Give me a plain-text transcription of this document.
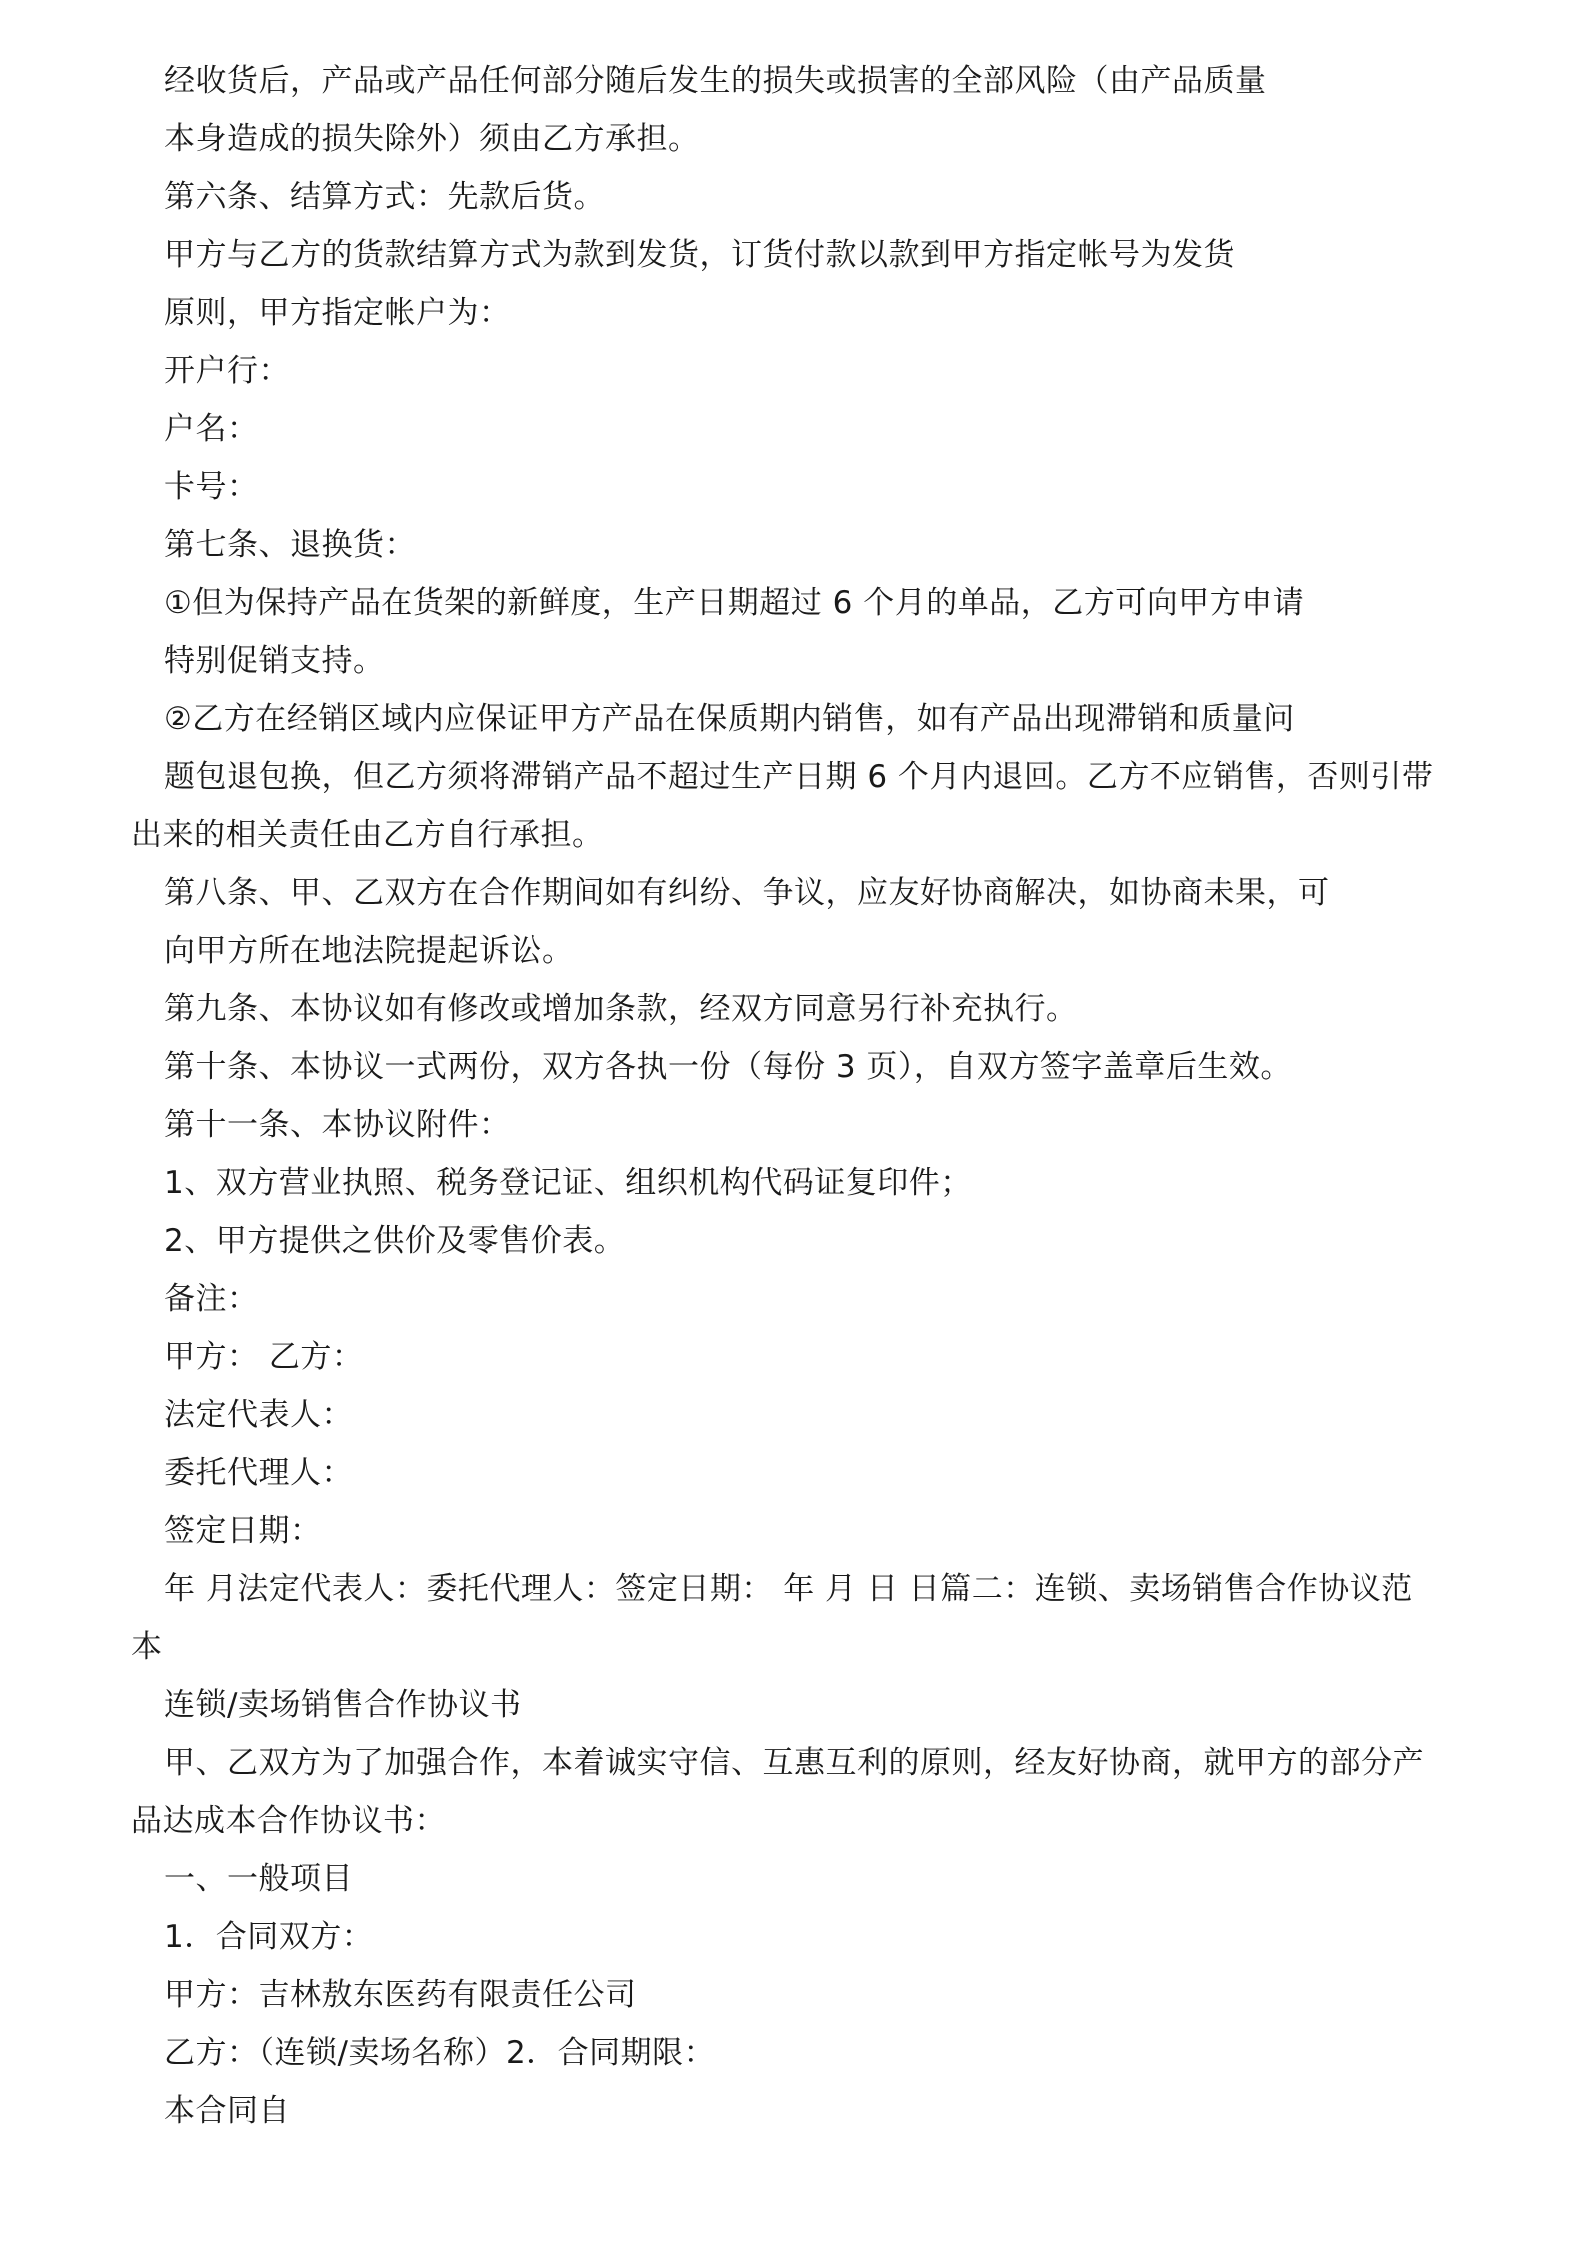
经收货后，产品或产品任何部分随后发生的损失或损害的全部风险（由产品质量
本身造成的损失除外）须由乙方承担。
第六条、结算方式：先款后货。
甲方与乙方的货款结算方式为款到发货，订货付款以款到甲方指定帐号为发货
原则，甲方指定帐户为：
开户行：
户名：
卡号：
第七条、退换货：
①但为保持产品在货架的新鲜度，生产日期超过 6 个月的单品，乙方可向甲方申请
特别促销支持。
②乙方在经销区域内应保证甲方产品在保质期内销售，如有产品出现滞销和质量问
题包退包换，但乙方须将滞销产品不超过生产日期 6 个月内退回。乙方不应销售，否则引带
出来的相关责任由乙方自行承担。
第八条、甲、乙双方在合作期间如有纠纷、争议，应友好协商解决，如协商未果，可
向甲方所在地法院提起诉讼。
第九条、本协议如有修改或增加条款，经双方同意另行补充执行。
第十条、本协议一式两份，双方各执一份（每份 3 页），自双方签字盖章后生效。
第十一条、本协议附件：
1、双方营业执照、税务登记证、组织机构代码证复印件；
2、甲方提供之供价及零售价表。
备注：
甲方： 乙方：
法定代表人：
委托代理人：
签定日期：
年 月法定代表人：委托代理人：签定日期： 年 月 日 日篇二：连锁、卖场销售合作协议范
本
连锁/卖场销售合作协议书
甲、乙双方为了加强合作，本着诚实守信、互惠互利的原则，经友好协商，就甲方的部分产
品达成本合作协议书：
一、一般项目
1．合同双方：
甲方：吉林敖东医药有限责任公司
乙方：（连锁/卖场名称）2．合同期限：
本合同自
